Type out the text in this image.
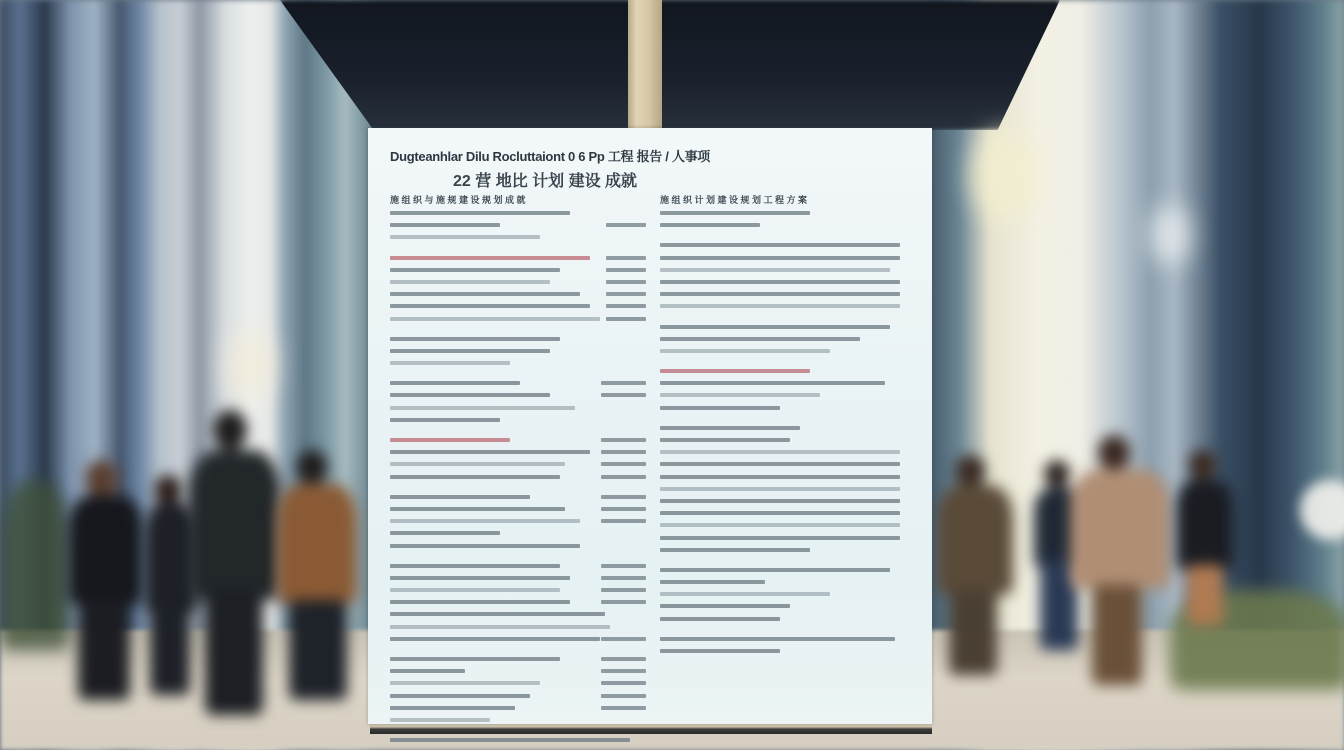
Dugteanhlar Dilu Rocluttaiont 0 6 Pp 工程 报告 / 人事项
22 营 地比 计划 建设 成就
施 组 织 与 施 规 建 设 规 划 成 就	施 组 织 计 划 建 设 规 划 工 程 方 案
